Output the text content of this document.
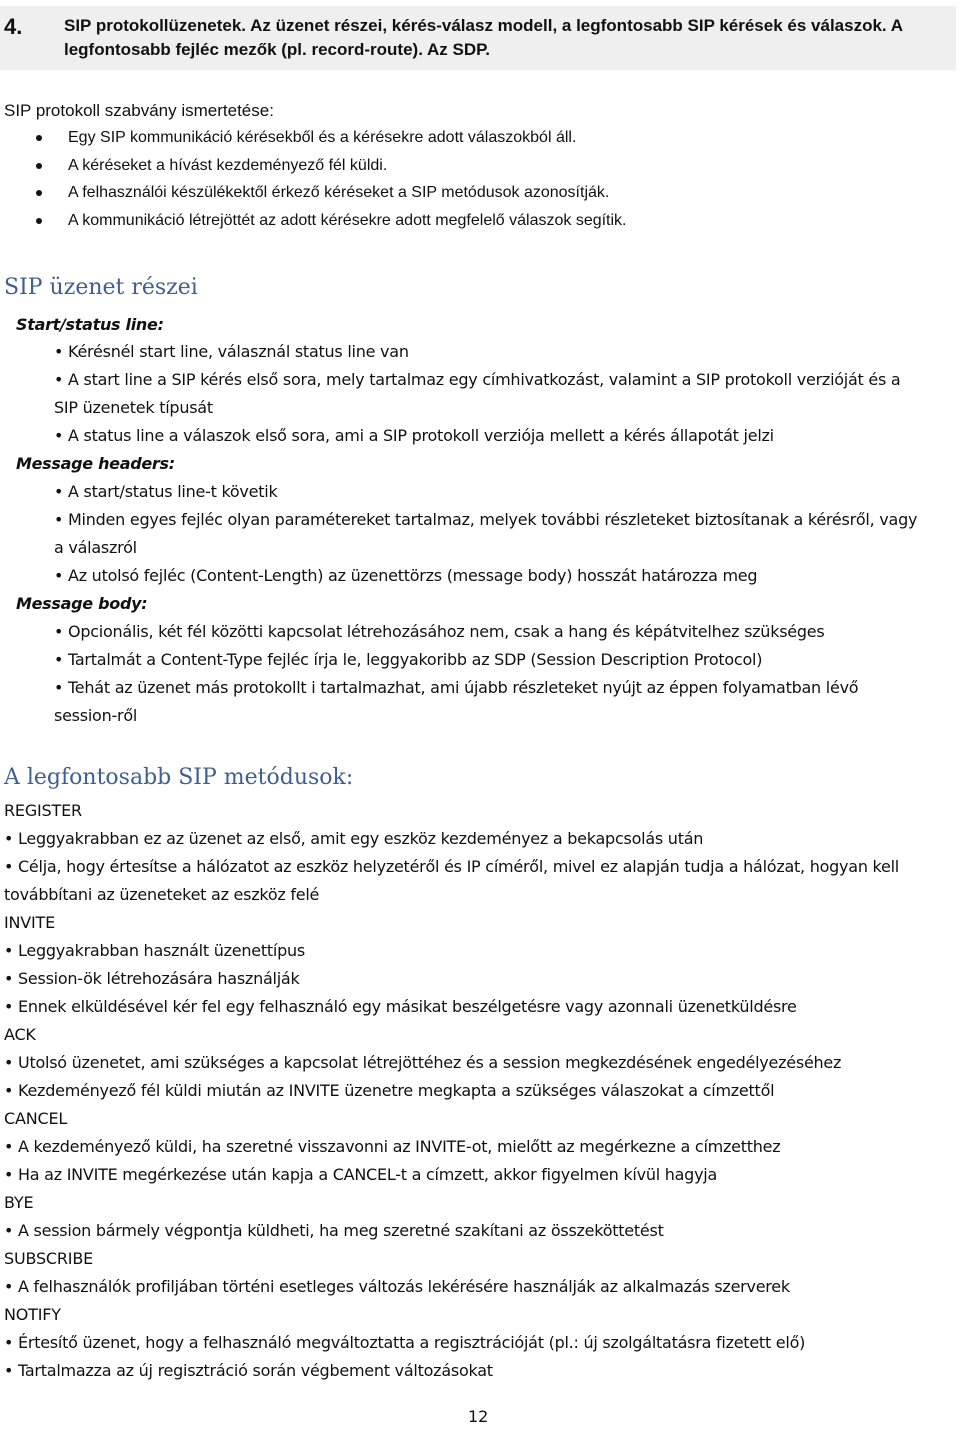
4. SIP protokollüzenetek. Az üzenet részei, kérés-válasz modell, a legfontosabb SIP kérések és válaszok. A legfontosabb fejléc mezők (pl. record-route). Az SDP.
SIP protokoll szabvány ismertetése:
Egy SIP kommunikáció kérésekből és a kérésekre adott válaszokból áll.
A kéréseket a hívást kezdeményező fél küldi.
A felhasználói készülékektől érkező kéréseket a SIP metódusok azonosítják.
A kommunikáció létrejöttét az adott kérésekre adott megfelelő válaszok segítik.
SIP üzenet részei
Start/status line:
• Kérésnél start line, válasznál status line van
• A start line a SIP kérés első sora, mely tartalmaz egy címhivatkozást, valamint a SIP protokoll verzióját és a
SIP üzenetek típusát
• A status line a válaszok első sora, ami a SIP protokoll verziója mellett a kérés állapotát jelzi
Message headers:
• A start/status line-t követik
• Minden egyes fejléc olyan paramétereket tartalmaz, melyek további részleteket biztosítanak a kérésről, vagy
a válaszról
• Az utolsó fejléc (Content-Length) az üzenettörzs (message body) hosszát határozza meg
Message body:
• Opcionális, két fél közötti kapcsolat létrehozásához nem, csak a hang és képátvitelhez szükséges
• Tartalmát a Content-Type fejléc írja le, leggyakoribb az SDP (Session Description Protocol)
• Tehát az üzenet más protokollt i tartalmazhat, ami újabb részleteket nyújt az éppen folyamatban lévő
session-ről
A legfontosabb SIP metódusok:
REGISTER
• Leggyakrabban ez az üzenet az első, amit egy eszköz kezdeményez a bekapcsolás után
• Célja, hogy értesítse a hálózatot az eszköz helyzetéről és IP címéről, mivel ez alapján tudja a hálózat, hogyan kell
továbbítani az üzeneteket az eszköz felé
INVITE
• Leggyakrabban használt üzenettípus
• Session-ök létrehozására használják
• Ennek elküldésével kér fel egy felhasználó egy másikat beszélgetésre vagy azonnali üzenetküldésre
ACK
• Utolsó üzenetet, ami szükséges a kapcsolat létrejöttéhez és a session megkezdésének engedélyezéséhez
• Kezdeményező fél küldi miután az INVITE üzenetre megkapta a szükséges válaszokat a címzettől
CANCEL
• A kezdeményező küldi, ha szeretné visszavonni az INVITE-ot, mielőtt az megérkezne a címzetthez
• Ha az INVITE megérkezése után kapja a CANCEL-t a címzett, akkor figyelmen kívül hagyja
BYE
• A session bármely végpontja küldheti, ha meg szeretné szakítani az összeköttetést
SUBSCRIBE
• A felhasználók profiljában történi esetleges változás lekérésére használják az alkalmazás szerverek
NOTIFY
• Értesítő üzenet, hogy a felhasználó megváltoztatta a regisztrációját (pl.: új szolgáltatásra fizetett elő)
• Tartalmazza az új regisztráció során végbement változásokat
12
